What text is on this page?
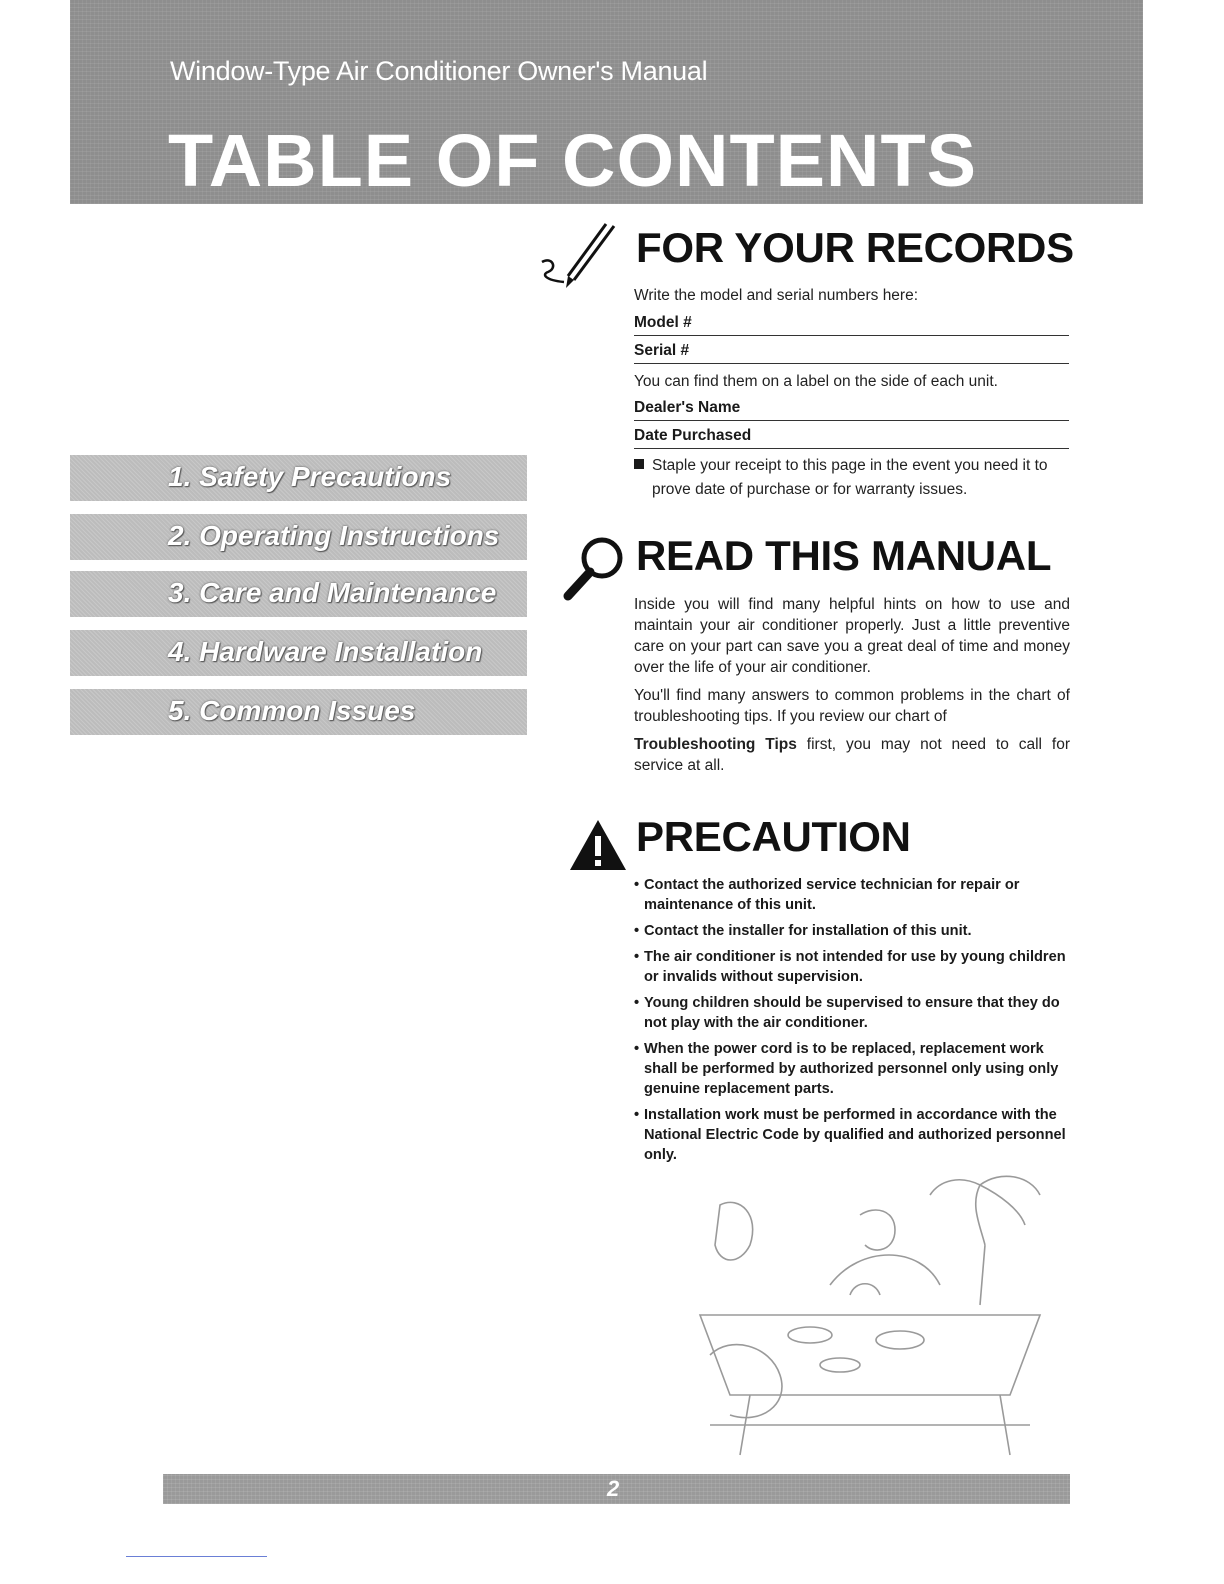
Window-Type Air Conditioner Owner's Manual
TABLE OF CONTENTS
1. Safety Precautions
2. Operating Instructions
3. Care and Maintenance
4. Hardware Installation
5. Common Issues
FOR YOUR RECORDS
Write the model and serial numbers here:
Model #
Serial #
You can find them on a label on the side of each unit.
Dealer's Name
Date Purchased
Staple your receipt to this page in the event you need it to prove date of purchase or for warranty issues.
READ THIS MANUAL
Inside you will find many helpful hints on how to use and maintain your air conditioner properly. Just a little preventive care on your part can save you a great deal of time and money over the life of your air conditioner.
You'll find many answers to common problems in the chart of troubleshooting tips. If you review our chart of
Troubleshooting Tips first, you may not need to call for service at all.
PRECAUTION
• Contact the authorized service technician for repair or maintenance of this unit.
• Contact the installer for installation of this unit.
• The air conditioner is not intended for use by young children or invalids without supervision.
• Young children should be supervised to ensure that they do not play with the air conditioner.
• When the power cord is to be replaced, replacement work shall be performed by authorized personnel only using only genuine replacement parts.
• Installation work must be performed in accordance with the National Electric Code by qualified and authorized personnel only.
2
